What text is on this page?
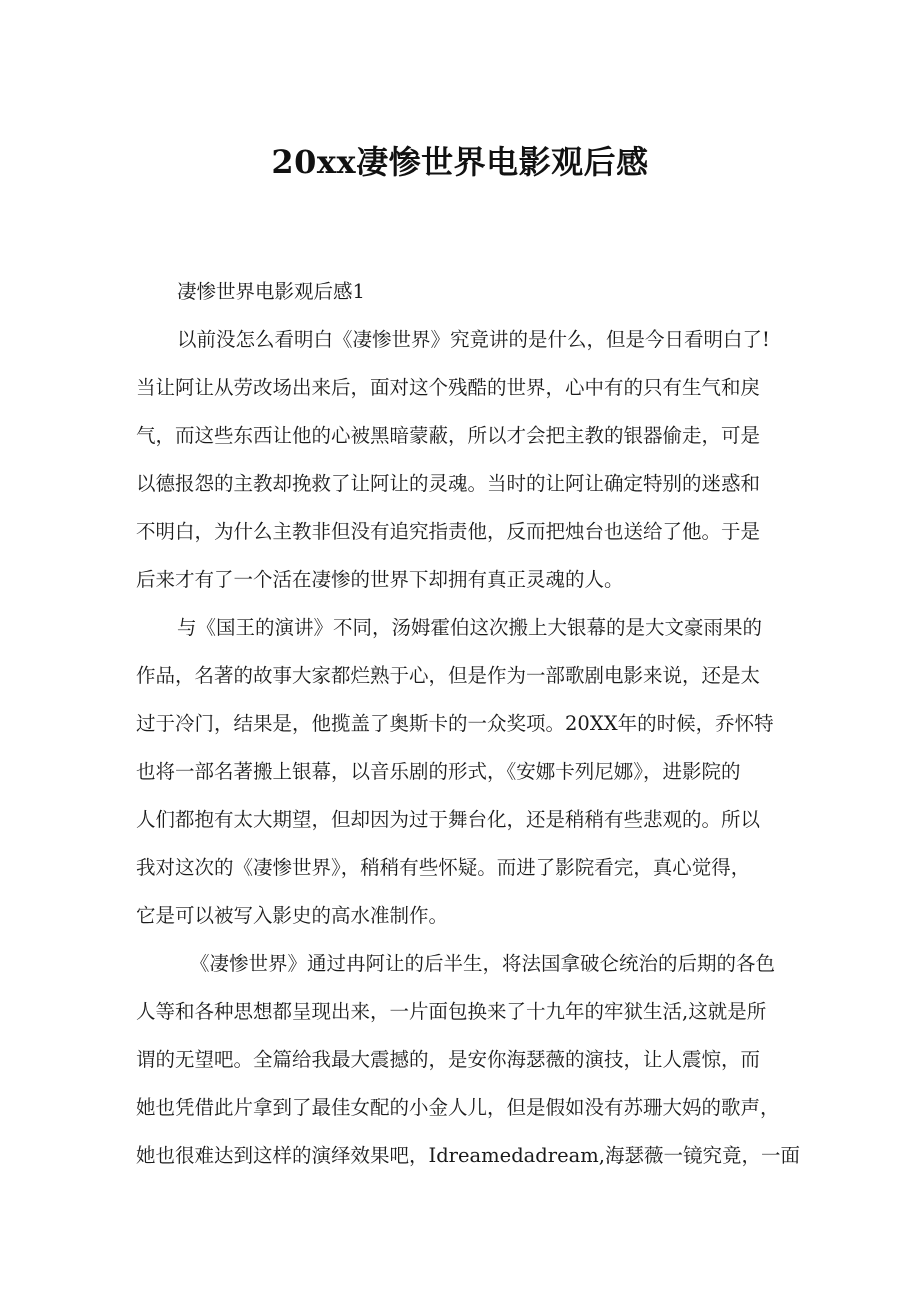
20xx凄惨世界电影观后感
凄惨世界电影观后感1
以前没怎么看明白《凄惨世界》究竟讲的是什么，但是今日看明白了!
当让阿让从劳改场出来后，面对这个残酷的世界，心中有的只有生气和戾
气，而这些东西让他的心被黑暗蒙蔽，所以才会把主教的银器偷走，可是
以德报怨的主教却挽救了让阿让的灵魂。当时的让阿让确定特别的迷惑和
不明白，为什么主教非但没有追究指责他，反而把烛台也送给了他。于是
后来才有了一个活在凄惨的世界下却拥有真正灵魂的人。
与《国王的演讲》不同，汤姆霍伯这次搬上大银幕的是大文豪雨果的
作品，名著的故事大家都烂熟于心，但是作为一部歌剧电影来说，还是太
过于冷门，结果是，他揽盖了奥斯卡的一众奖项。20XX年的时候，乔怀特
也将一部名著搬上银幕，以音乐剧的形式，《安娜卡列尼娜》，进影院的
人们都抱有太大期望，但却因为过于舞台化，还是稍稍有些悲观的。所以
我对这次的《凄惨世界》，稍稍有些怀疑。而进了影院看完，真心觉得，
它是可以被写入影史的高水准制作。
《凄惨世界》通过冉阿让的后半生，将法国拿破仑统治的后期的各色
人等和各种思想都呈现出来，一片面包换来了十九年的牢狱生活,这就是所
谓的无望吧。全篇给我最大震撼的，是安你海瑟薇的演技，让人震惊，而
她也凭借此片拿到了最佳女配的小金人儿，但是假如没有苏珊大妈的歌声，
她也很难达到这样的演绎效果吧，Idreamedadream,海瑟薇一镜究竟，一面
